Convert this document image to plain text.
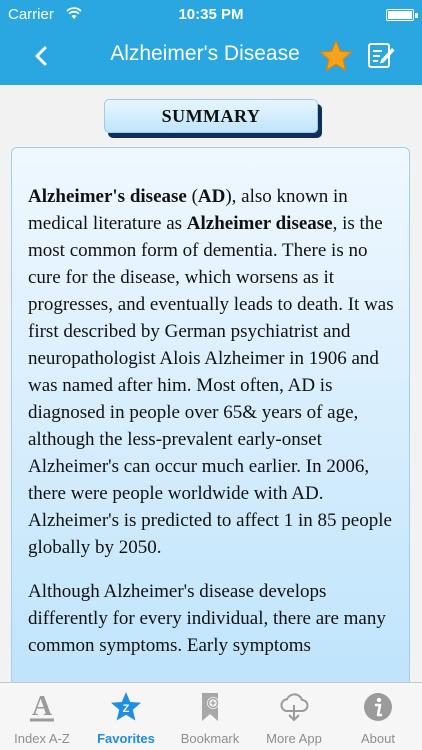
Carrier	10:35 PM
Alzheimer's Disease
SUMMARY

Alzheimer's disease (AD), also known in medical literature as Alzheimer disease, is the most common form of dementia. There is no cure for the disease, which worsens as it progresses, and eventually leads to death. It was first described by German psychiatrist and neuropathologist Alois Alzheimer in 1906 and was named after him. Most often, AD is diagnosed in people over 65& years of age, although the less-prevalent early-onset Alzheimer's can occur much earlier. In 2006, there were people worldwide with AD. Alzheimer's is predicted to affect 1 in 85 people globally by 2050.

Although Alzheimer's disease develops differently for every individual, there are many common symptoms. Early symptoms

A
Index A-Z
Z
Favorites	Bookmark	More App	About
